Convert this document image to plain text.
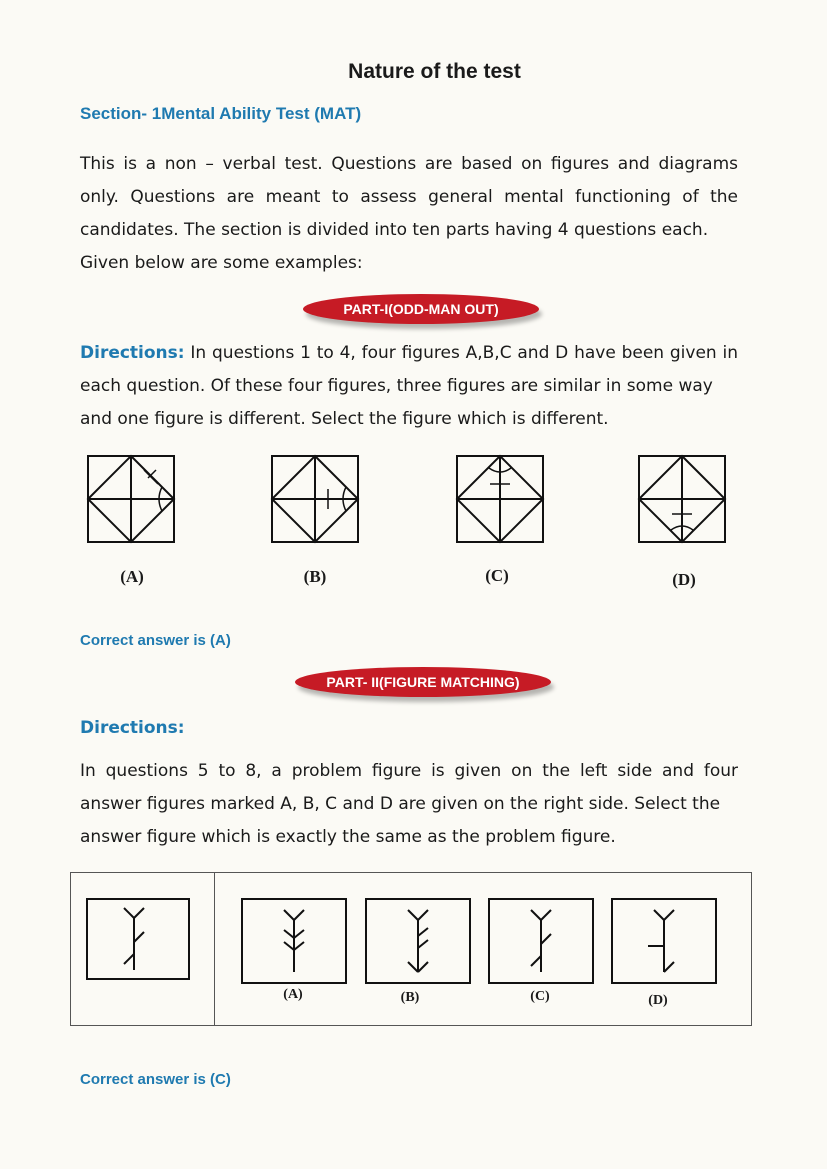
Nature of the test
Section- 1Mental Ability Test (MAT)
This is a non – verbal test. Questions are based on figures and diagrams only. Questions are meant to assess general mental functioning of the candidates. The section is divided into ten parts having 4 questions each.
Given below are some examples:
PART-I(ODD-MAN OUT)
Directions: In questions 1 to 4, four figures A,B,C and D have been given in each question. Of these four figures, three figures are similar in some way
and one figure is different. Select the figure which is different.
(A)	(B)	(C)	(D)
Correct answer is (A)
PART- II(FIGURE MATCHING)
Directions:
In questions 5 to 8, a problem figure is given on the left side and four answer figures marked A, B, C and D are given on the right side. Select the
answer figure which is exactly the same as the problem figure.
(A)	(B)	(C)	(D)
Correct answer is (C)
